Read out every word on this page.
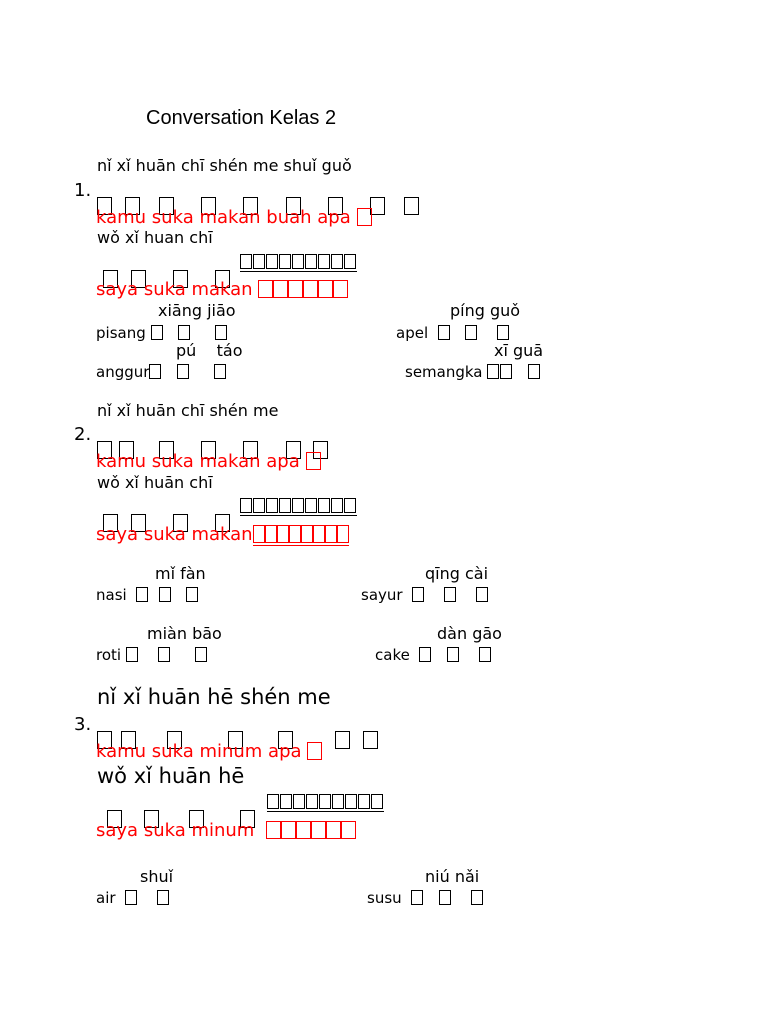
Conversation Kelas 2
nǐ xǐ huān chī shén me shuǐ guǒ
1.

kamu suka makan buah apa
wǒ xǐ huan chī

saya suka makan
xiāng jiāo	píng guǒ
pisang	apel
pú    táo	xī guā
anggur	semangka
nǐ xǐ huān chī shén me
2.

kamu suka makan apa
wǒ xǐ huān chī

saya suka makan
mǐ fàn	qīng cài
nasi	sayur
miàn bāo	dàn gāo
roti	cake
nǐ xǐ huān hē shén me
3.

kamu suka minum apa
wǒ xǐ huān hē

saya suka minum
shuǐ	niú nǎi
air	susu
